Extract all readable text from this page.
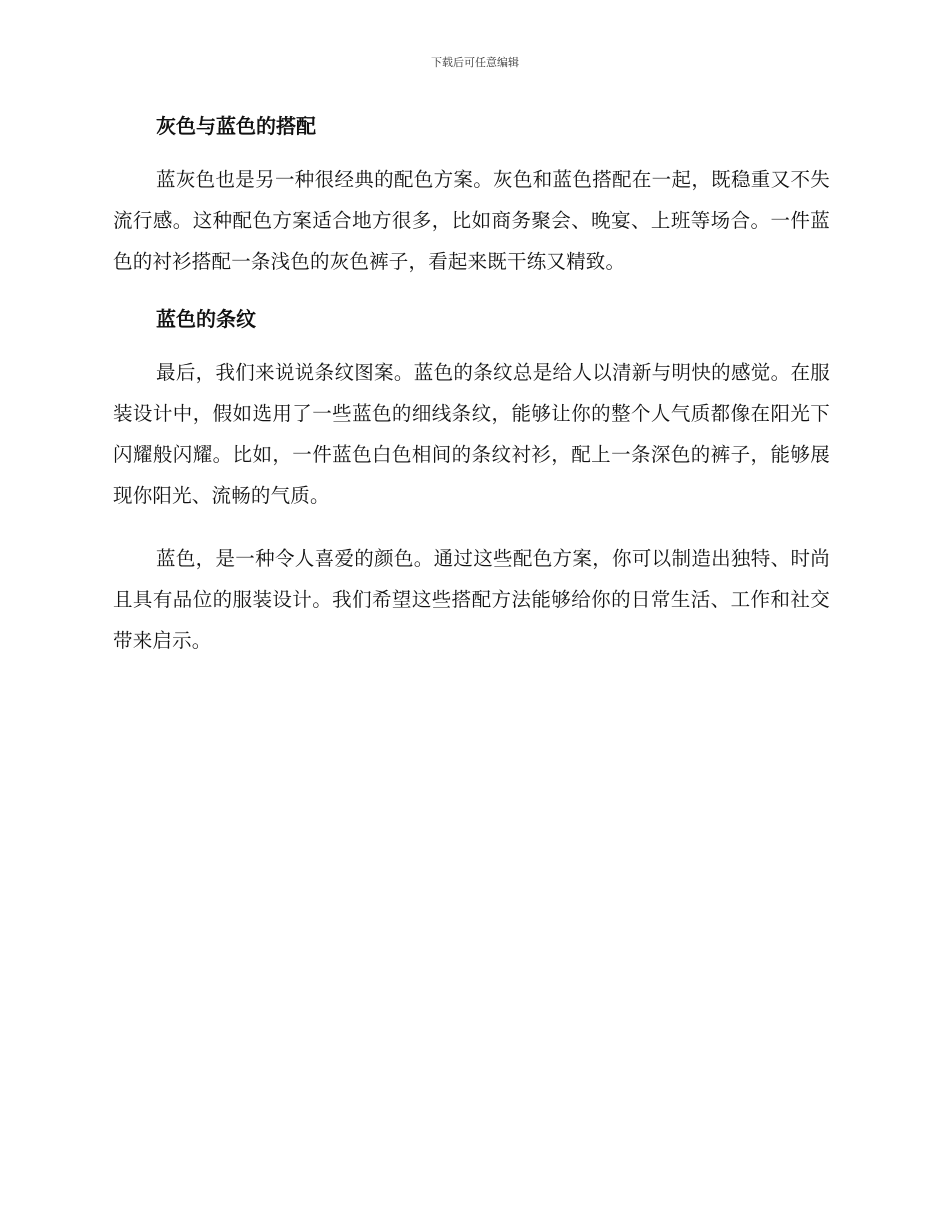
下载后可任意编辑
灰色与蓝色的搭配

蓝灰色也是另一种很经典的配色方案。灰色和蓝色搭配在一起，既稳重又不失流行感。这种配色方案适合地方很多，比如商务聚会、晚宴、上班等场合。一件蓝色的衬衫搭配一条浅色的灰色裤子，看起来既干练又精致。

蓝色的条纹

最后，我们来说说条纹图案。蓝色的条纹总是给人以清新与明快的感觉。在服装设计中，假如选用了一些蓝色的细线条纹，能够让你的整个人气质都像在阳光下闪耀般闪耀。比如，一件蓝色白色相间的条纹衬衫，配上一条深色的裤子，能够展现你阳光、流畅的气质。

蓝色，是一种令人喜爱的颜色。通过这些配色方案，你可以制造出独特、时尚且具有品位的服装设计。我们希望这些搭配方法能够给你的日常生活、工作和社交带来启示。
